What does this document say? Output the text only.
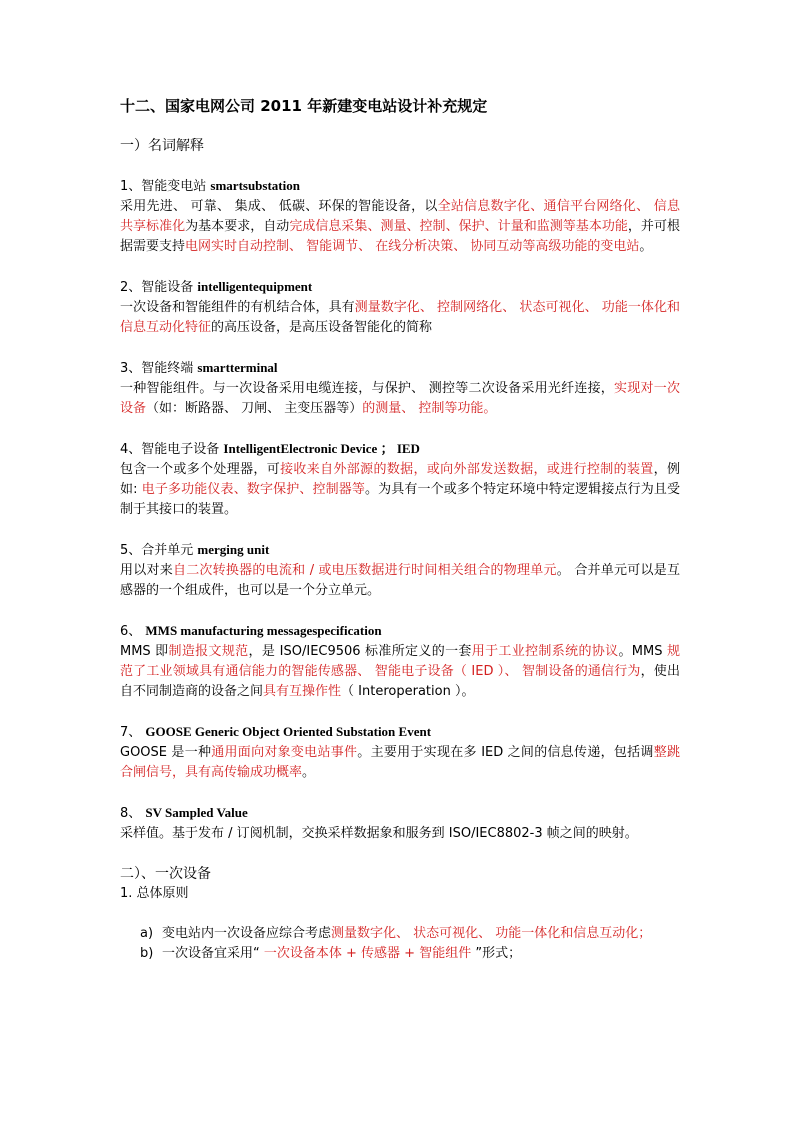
十二、国家电网公司 2011 年新建变电站设计补充规定
一）名词解释
1、智能变电站 smartsubstation

采用先进、 可靠、 集成、 低碳、环保的智能设备，以全站信息数字化、通信平台网络化、 信息共享标准化为基本要求，自动完成信息采集、测量、控制、保护、计量和监测等基本功能，并可根据需要支持电网实时自动控制、 智能调节、 在线分析决策、 协同互动等高级功能的变电站。

2、智能设备 intelligentequipment

一次设备和智能组件的有机结合体，具有测量数字化、 控制网络化、 状态可视化、 功能一体化和信息互动化特征的高压设备，是高压设备智能化的简称

3、智能终端 smartterminal

一种智能组件。与一次设备采用电缆连接，与保护、 测控等二次设备采用光纤连接，实现对一次设备（如：断路器、 刀闸、 主变压器等）的测量、 控制等功能。

4、智能电子设备 IntelligentElectronic Device ； IED

包含一个或多个处理器，可接收来自外部源的数据，或向外部发送数据，或进行控制的装置，例如: 电子多功能仪表、数字保护、控制器等。为具有一个或多个特定环境中特定逻辑接点行为且受制于其接口的装置。

5、合并单元 merging unit

用以对来自二次转换器的电流和 / 或电压数据进行时间相关组合的物理单元。 合并单元可以是互感器的一个组成件，也可以是一个分立单元。

6、 MMS manufacturing messagespecification

MMS 即制造报文规范，是 ISO/IEC9506 标准所定义的一套用于工业控制系统的协议。MMS 规范了工业领域具有通信能力的智能传感器、 智能电子设备（ IED ）、 智制设备的通信行为，使出自不同制造商的设备之间具有互操作性（ Interoperation ）。

7、 GOOSE Generic Object Oriented Substation Event

GOOSE 是一种通用面向对象变电站事件。主要用于实现在多 IED 之间的信息传递，包括调整跳合闸信号，具有高传输成功概率。

8、 SV Sampled Value

采样值。基于发布 / 订阅机制，交换采样数据象和服务到 ISO/IEC8802-3 帧之间的映射。

二）、一次设备
1. 总体原则
a) 变电站内一次设备应综合考虑测量数字化、 状态可视化、 功能一体化和信息互动化；
b) 一次设备宜采用“ 一次设备本体 + 传感器 + 智能组件 ”形式；
